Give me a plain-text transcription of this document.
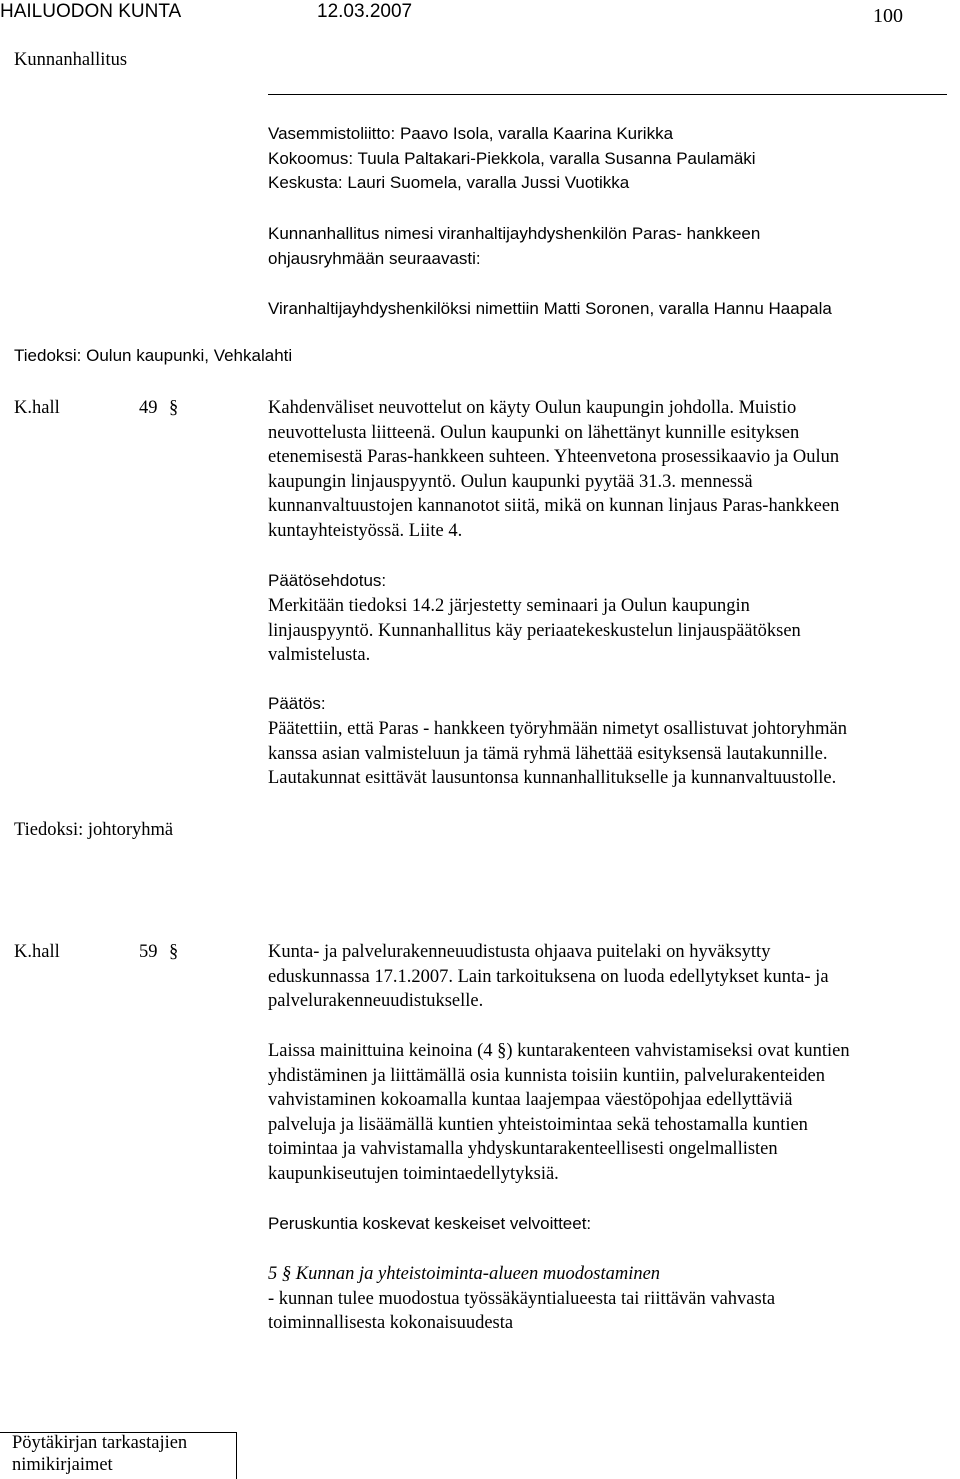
HAILUODON KUNTA	12.03.2007	100
Kunnanhallitus
Vasemmistoliitto: Paavo Isola, varalla Kaarina Kurikka
Kokoomus: Tuula Paltakari-Piekkola, varalla Susanna Paulamäki
Keskusta: Lauri Suomela, varalla Jussi Vuotikka
Kunnanhallitus nimesi viranhaltijayhdyshenkilön Paras- hankkeen
ohjausryhmään seuraavasti:
Viranhaltijayhdyshenkilöksi nimettiin Matti Soronen, varalla Hannu Haapala
Tiedoksi: Oulun kaupunki, Vehkalahti
K.hall	49 §	Kahdenväliset neuvottelut on käyty Oulun kaupungin johdolla. Muistio
neuvottelusta liitteenä. Oulun kaupunki on lähettänyt kunnille esityksen
etenemisestä Paras-hankkeen suhteen. Yhteenvetona prosessikaavio ja Oulun
kaupungin linjauspyyntö. Oulun kaupunki pyytää 31.3. mennessä
kunnanvaltuustojen kannanotot siitä, mikä on kunnan linjaus Paras-hankkeen
kuntayhteistyössä. Liite 4.
Päätösehdotus:
Merkitään tiedoksi 14.2 järjestetty seminaari ja Oulun kaupungin
linjauspyyntö. Kunnanhallitus käy periaatekeskustelun linjauspäätöksen
valmistelusta.
Päätös:
Päätettiin, että Paras - hankkeen työryhmään nimetyt osallistuvat johtoryhmän
kanssa asian valmisteluun ja tämä ryhmä lähettää esityksensä lautakunnille.
Lautakunnat esittävät lausuntonsa kunnanhallitukselle ja kunnanvaltuustolle.
Tiedoksi: johtoryhmä
K.hall	59 §	Kunta- ja palvelurakenneuudistusta ohjaava puitelaki on hyväksytty
eduskunnassa 17.1.2007. Lain tarkoituksena on luoda edellytykset kunta- ja
palvelurakenneuudistukselle.
Laissa mainittuina keinoina (4 §) kuntarakenteen vahvistamiseksi ovat kuntien
yhdistäminen ja liittämällä osia kunnista toisiin kuntiin, palvelurakenteiden
vahvistaminen kokoamalla kuntaa laajempaa väestöpohjaa edellyttäviä
palveluja ja lisäämällä kuntien yhteistoimintaa sekä tehostamalla kuntien
toimintaa ja vahvistamalla yhdyskuntarakenteellisesti ongelmallisten
kaupunkiseutujen toimintaedellytyksiä.
Peruskuntia koskevat keskeiset velvoitteet:
5 § Kunnan ja yhteistoiminta-alueen muodostaminen
- kunnan tulee muodostua työssäkäyntialueesta tai riittävän vahvasta
toiminnallisesta kokonaisuudesta
Pöytäkirjan tarkastajien
nimikirjaimet
